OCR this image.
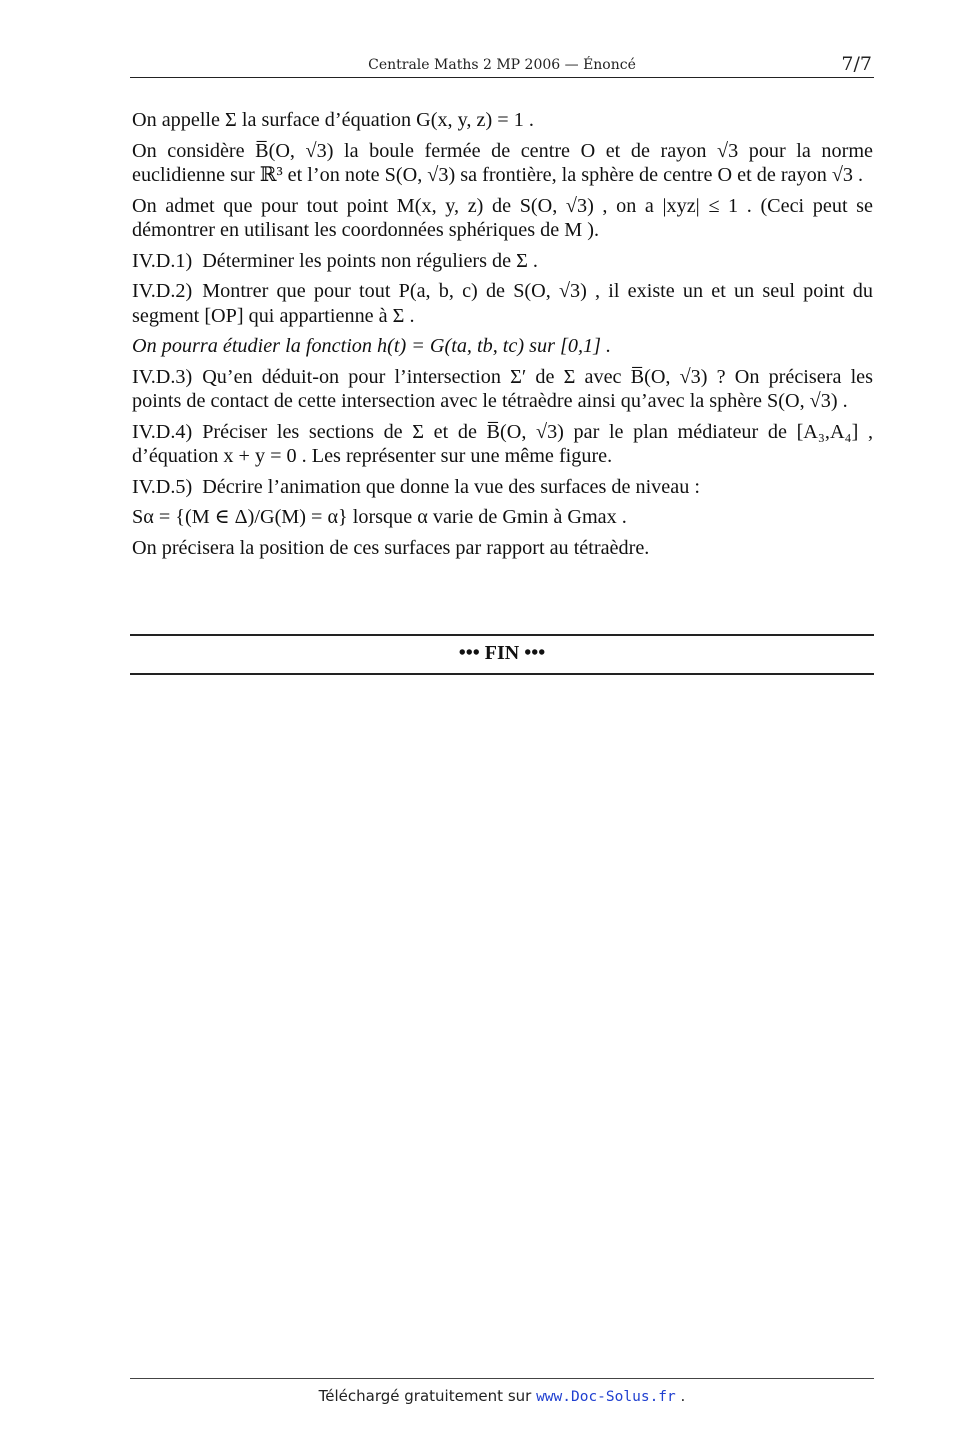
Centrale Maths 2 MP 2006 — Énoncé	7/7

On appelle Σ la surface d’équation G(x, y, z) = 1 .

On considère B̅(O, √3) la boule fermée de centre O et de rayon √3 pour la norme euclidienne sur ℝ³ et l’on note S(O, √3) sa frontière, la sphère de centre O et de rayon √3 .

On admet que pour tout point M(x, y, z) de S(O, √3) , on a |xyz| ≤ 1 . (Ceci peut se démontrer en utilisant les coordonnées sphériques de M ).

IV.D.1) Déterminer les points non réguliers de Σ .

IV.D.2) Montrer que pour tout P(a, b, c) de S(O, √3) , il existe un et un seul point du segment [OP] qui appartienne à Σ .

On pourra étudier la fonction h(t) = G(ta, tb, tc) sur [0,1] .

IV.D.3) Qu’en déduit-on pour l’intersection Σ′ de Σ avec B̅(O, √3) ? On précisera les points de contact de cette intersection avec le tétraèdre ainsi qu’avec la sphère S(O, √3) .

IV.D.4) Préciser les sections de Σ et de B̅(O, √3) par le plan médiateur de [A₃,A₄] , d’équation x + y = 0 . Les représenter sur une même figure.

IV.D.5) Décrire l’animation que donne la vue des surfaces de niveau :

Sα = {(M ∈ Δ)/G(M) = α} lorsque α varie de Gmin à Gmax .

On précisera la position de ces surfaces par rapport au tétraèdre.

••• FIN •••
Téléchargé gratuitement sur www.Doc-Solus.fr .
